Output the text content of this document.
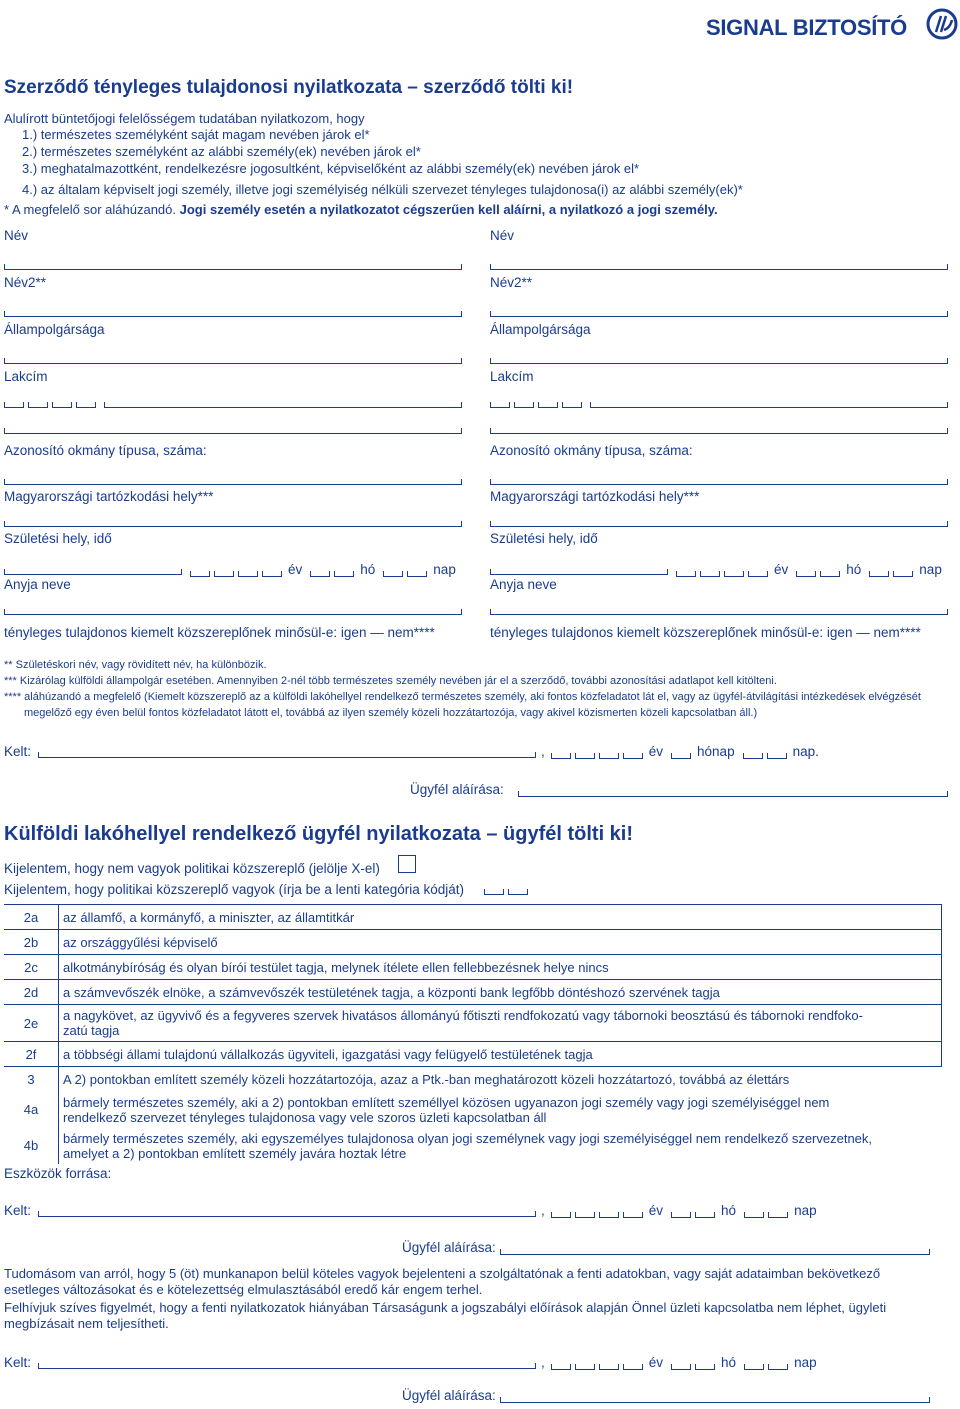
SIGNAL BIZTOSÍTÓ
Szerződő tényleges tulajdonosi nyilatkozata – szerződő tölti ki!
Alulírott büntetőjogi felelősségem tudatában nyilatkozom, hogy
1.) természetes személyként saját magam nevében járok el*
2.) természetes személyként az alábbi személy(ek) nevében járok el*
3.) meghatalmazottként, rendelkezésre jogosultként, képviselőként az alábbi személy(ek) nevében járok el*
4.) az általam képviselt jogi személy, illetve jogi személyiség nélküli szervezet tényleges tulajdonosa(i) az alábbi személy(ek)*
* A megfelelő sor aláhúzandó. Jogi személy esetén a nyilatkozatot cégszerűen kell aláírni, a nyilatkozó a jogi személy.
Név
Név2**
Állampolgársága
Lakcím
Azonosító okmány típusa, száma:
Magyarországi tartózkodási hely***
Születési hely, idő
év	hó	nap
Anyja neve
tényleges tulajdonos kiemelt közszereplőnek minősül-e: igen — nem****
Név
Név2**
Állampolgársága
Lakcím
Azonosító okmány típusa, száma:
Magyarországi tartózkodási hely***
Születési hely, idő
év	hó	nap
Anyja neve
tényleges tulajdonos kiemelt közszereplőnek minősül-e: igen — nem****
** Születéskori név, vagy rövidített név, ha különbözik.
*** Kizárólag külföldi állampolgár esetében. Amennyiben 2-nél több természetes személy nevében jár el a szerződő, további azonosítási adatlapot kell kitölteni.
**** aláhúzandó a megfelelő (Kiemelt közszereplő az a külföldi lakóhellyel rendelkező természetes személy, aki fontos közfeladatot lát el, vagy az ügyfél-átvilágítási intézkedések elvégzését
megelőző egy éven belül fontos közfeladatot látott el, továbbá az ilyen személy közeli hozzátartozója, vagy akivel közismerten közeli kapcsolatban áll.)
Kelt:	,	év	hónap	nap.
Ügyfél aláírása:
Külföldi lakóhellyel rendelkező ügyfél nyilatkozata – ügyfél tölti ki!
Kijelentem, hogy nem vagyok politikai közszereplő (jelölje X-el)
Kijelentem, hogy politikai közszereplő vagyok (írja be a lenti kategória kódját)
2a	az államfő, a kormányfő, a miniszter, az államtitkár
2b	az országgyűlési képviselő
2c	alkotmánybíróság és olyan bírói testület tagja, melynek ítélete ellen fellebbezésnek helye nincs
2d	a számvevőszék elnöke, a számvevőszék testületének tagja, a központi bank legfőbb döntéshozó szervének tagja
2e	a nagykövet, az ügyvivő és a fegyveres szervek hivatásos állományú főtiszti rendfokozatú vagy tábornoki beosztású és tábornoki rendfoko-
zatú tagja
2f	a többségi állami tulajdonú vállalkozás ügyviteli, igazgatási vagy felügyelő testületének tagja
3	A 2) pontokban említett személy közeli hozzátartozója, azaz a Ptk.-ban meghatározott közeli hozzátartozó, továbbá az élettárs
4a	bármely természetes személy, aki a 2) pontokban említett személlyel közösen ugyanazon jogi személy vagy jogi személyiséggel nem
rendelkező szervezet tényleges tulajdonosa vagy vele szoros üzleti kapcsolatban áll
4b	bármely természetes személy, aki egyszemélyes tulajdonosa olyan jogi személynek vagy jogi személyiséggel nem rendelkező szervezetnek,
amelyet a 2) pontokban említett személy javára hoztak létre
Eszközök forrása:
Kelt:	,	év	hó	nap
Ügyfél aláírása:
Tudomásom van arról, hogy 5 (öt) munkanapon belül köteles vagyok bejelenteni a szolgáltatónak a fenti adatokban, vagy saját adataimban bekövetkező
esetleges változásokat és e kötelezettség elmulasztásából eredő kár engem terhel.
Felhívjuk szíves figyelmét, hogy a fenti nyilatkozatok hiányában Társaságunk a jogszabályi előírások alapján Önnel üzleti kapcsolatba nem léphet, ügyleti
megbízásait nem teljesítheti.
Kelt:	,	év	hó	nap
Ügyfél aláírása:
